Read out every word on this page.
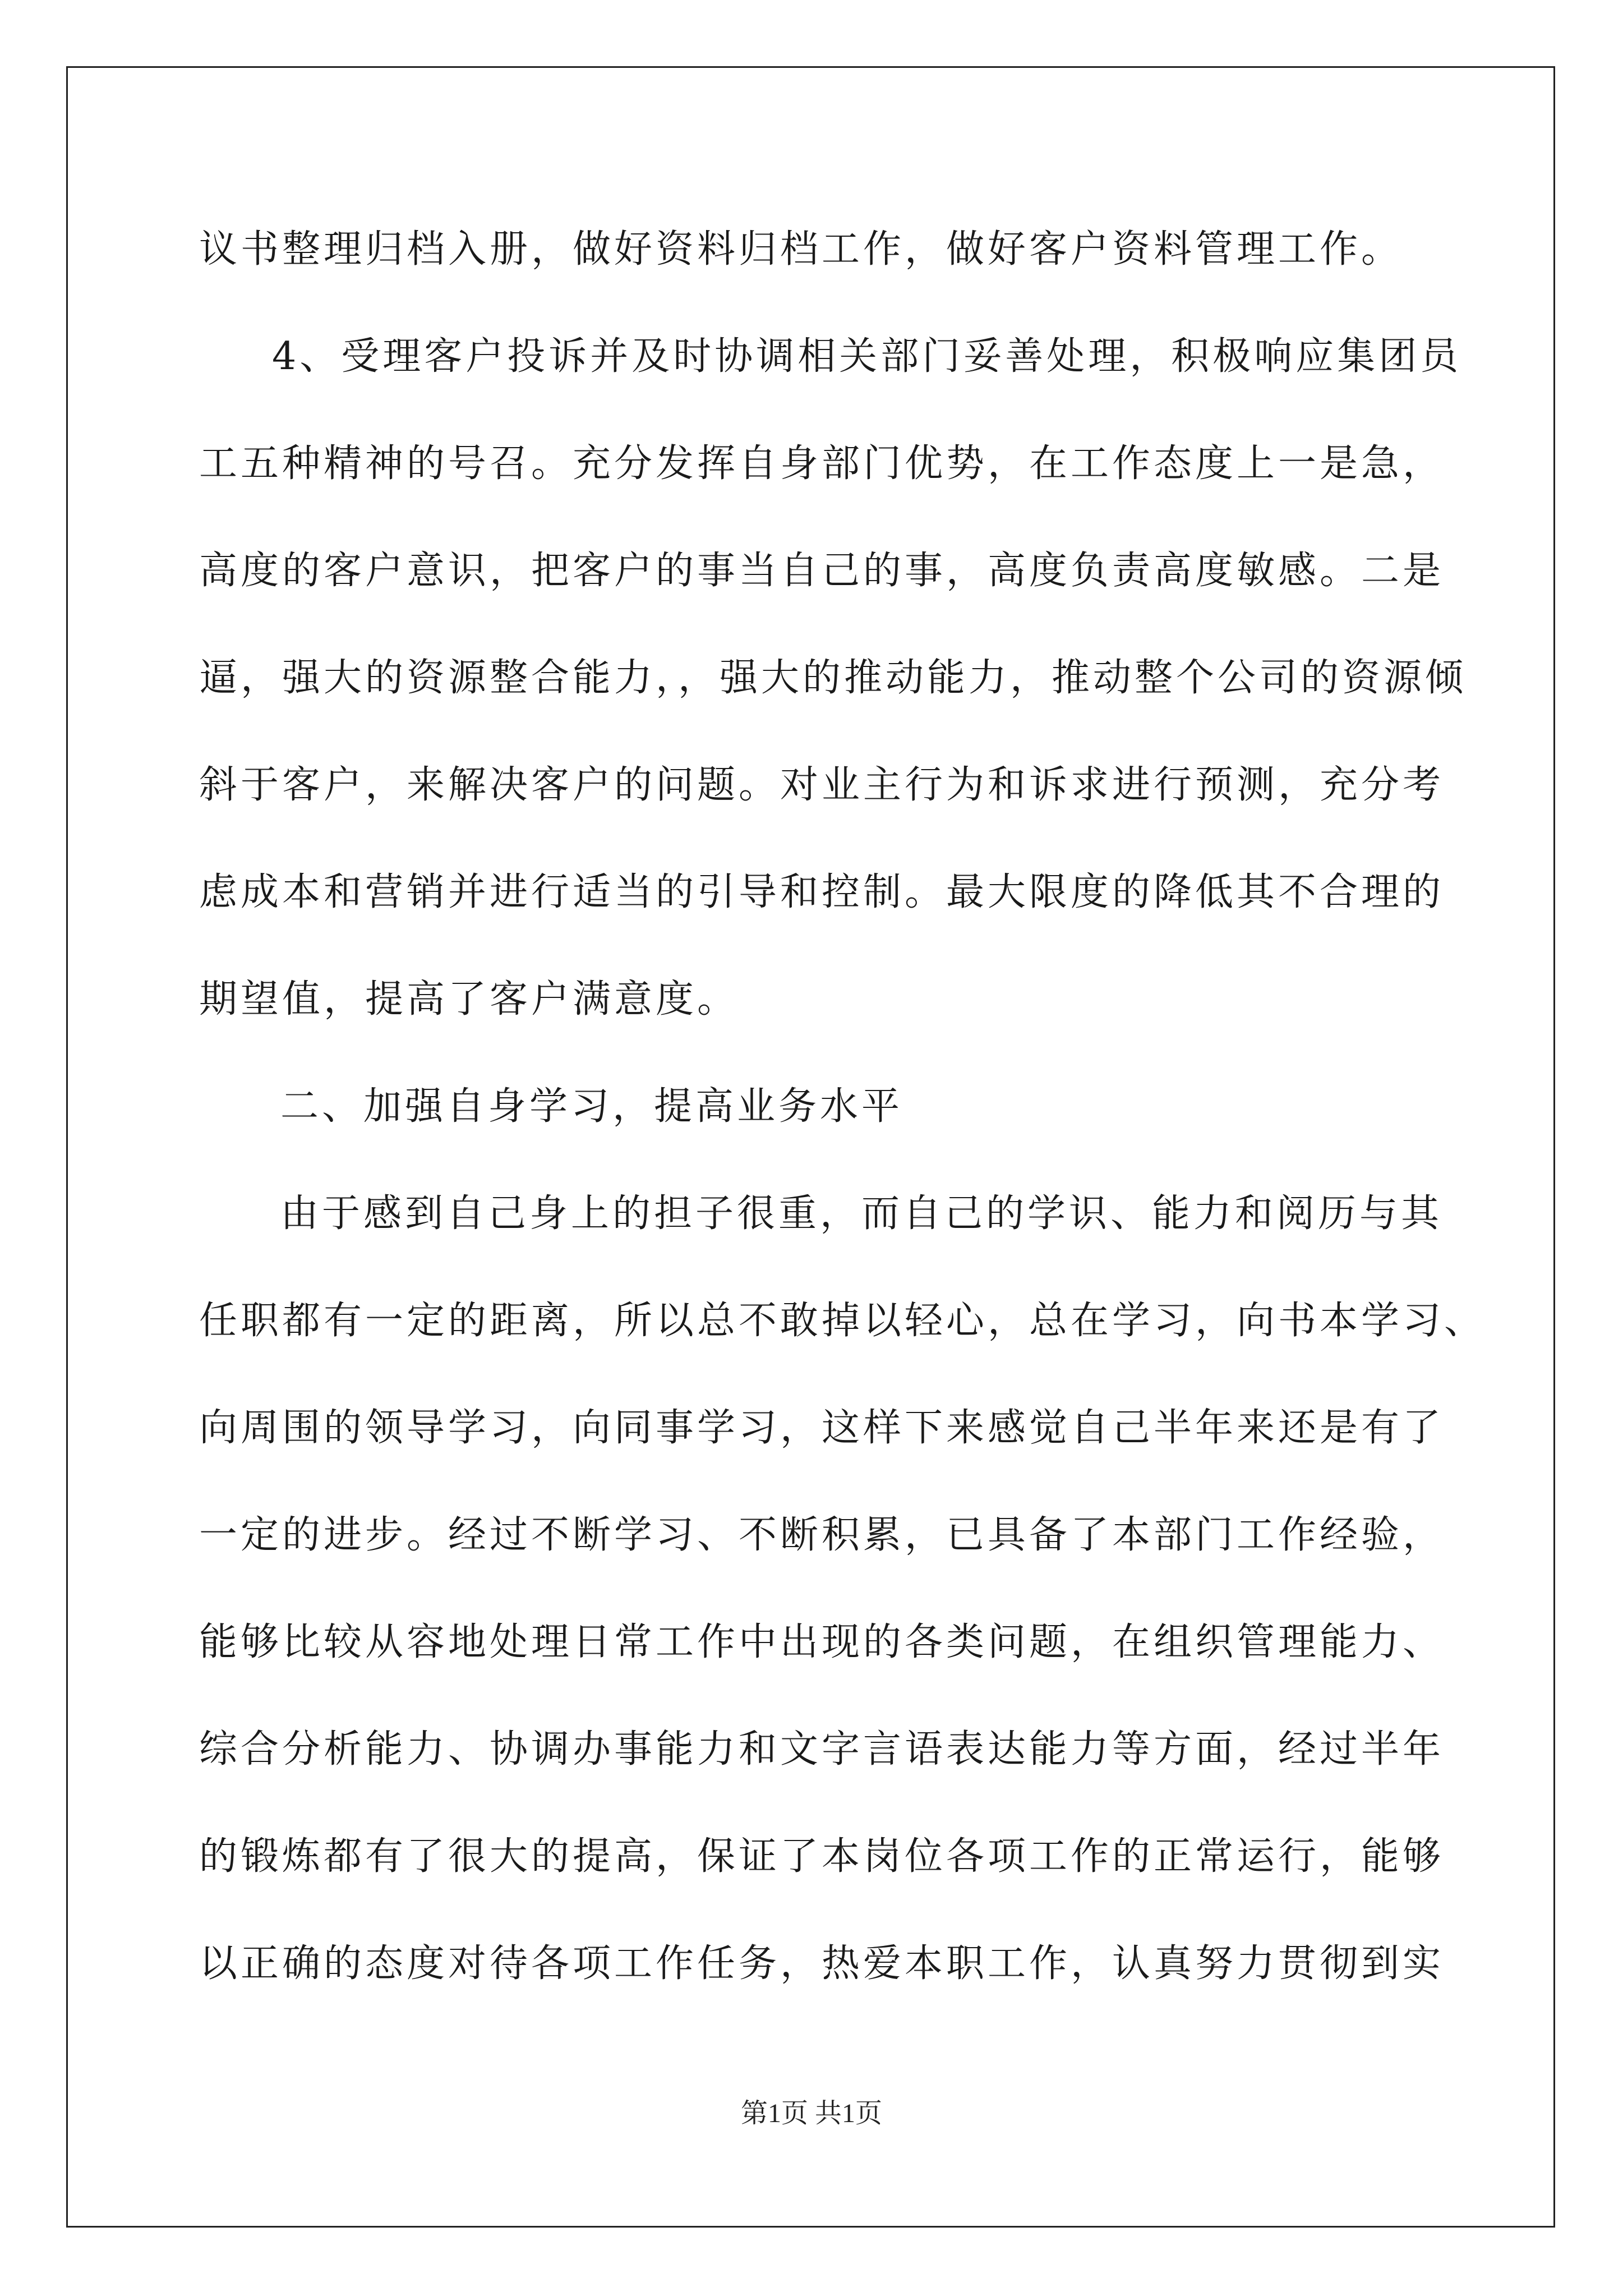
议书整理归档入册，做好资料归档工作，做好客户资料管理工作。
4、受理客户投诉并及时协调相关部门妥善处理，积极响应集团员
工五种精神的号召。充分发挥自身部门优势，在工作态度上一是急，
高度的客户意识，把客户的事当自己的事，高度负责高度敏感。二是
逼，强大的资源整合能力，，强大的推动能力，推动整个公司的资源倾
斜于客户，来解决客户的问题。对业主行为和诉求进行预测，充分考
虑成本和营销并进行适当的引导和控制。最大限度的降低其不合理的
期望值，提高了客户满意度。
二、加强自身学习，提高业务水平
由于感到自己身上的担子很重，而自己的学识、能力和阅历与其
任职都有一定的距离，所以总不敢掉以轻心，总在学习，向书本学习、
向周围的领导学习，向同事学习，这样下来感觉自己半年来还是有了
一定的进步。经过不断学习、不断积累，已具备了本部门工作经验，
能够比较从容地处理日常工作中出现的各类问题，在组织管理能力、
综合分析能力、协调办事能力和文字言语表达能力等方面，经过半年
的锻炼都有了很大的提高，保证了本岗位各项工作的正常运行，能够
以正确的态度对待各项工作任务，热爱本职工作，认真努力贯彻到实
第1页 共1页
